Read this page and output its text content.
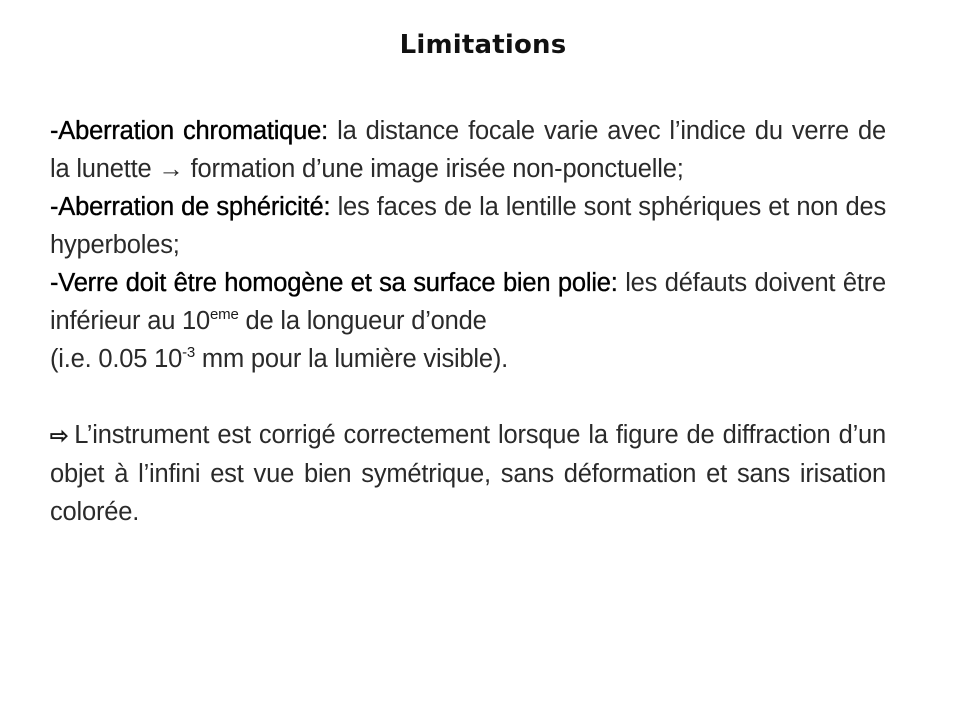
Limitations

-Aberration chromatique: la distance focale varie avec l’indice du verre de la lunette → formation d’une image irisée non-ponctuelle;

-Aberration de sphéricité: les faces de la lentille sont sphériques et non des hyperboles;

-Verre doit être homogène et sa surface bien polie: les défauts doivent être inférieur au 10eme de la longueur d’onde

(i.e. 0.05 $10^{-3}$ mm pour la lumière visible).

⇨ L’instrument est corrigé correctement lorsque la figure de diffraction d’un objet à l’infini est vue bien symétrique, sans déformation et sans irisation colorée.
